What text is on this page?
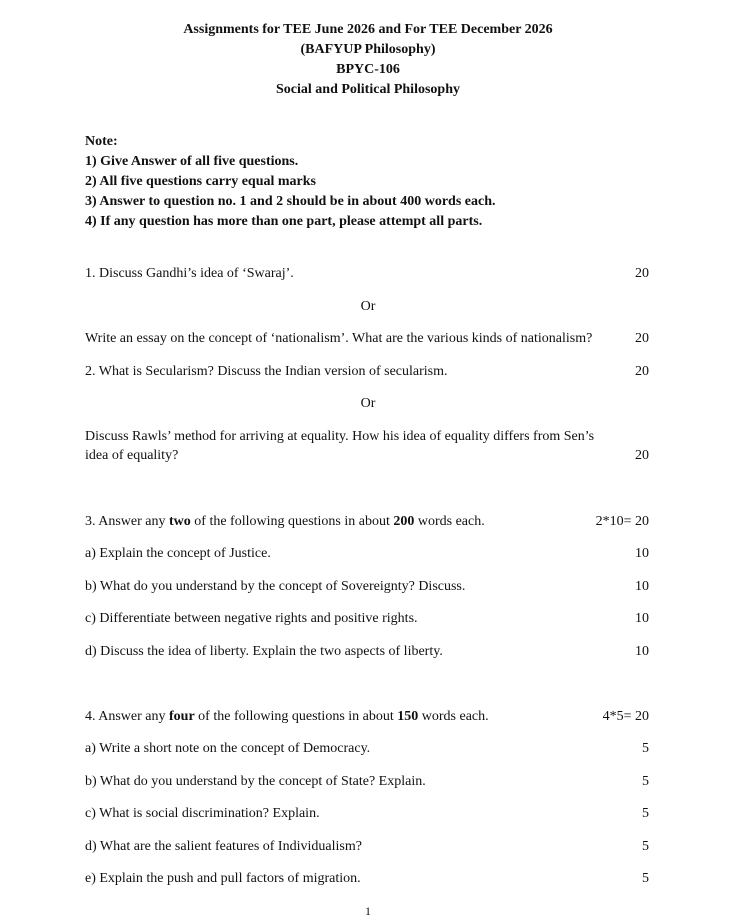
Assignments for TEE June 2026 and For TEE December 2026
(BAFYUP Philosophy)
BPYC-106
Social and Political Philosophy
Note:
1) Give Answer of all five questions.
2) All five questions carry equal marks
3) Answer to question no. 1 and 2 should be in about 400 words each.
4) If any question has more than one part, please attempt all parts.
1. Discuss Gandhi’s idea of ‘Swaraj’.	20
Or
Write an essay on the concept of ‘nationalism’. What are the various kinds of nationalism?	20
2. What is Secularism? Discuss the Indian version of secularism.	20
Or
Discuss Rawls’ method for arriving at equality. How his idea of equality differs from Sen’s
idea of equality?	20
3. Answer any two of the following questions in about 200 words each.	2*10= 20
a) Explain the concept of Justice.	10
b) What do you understand by the concept of Sovereignty? Discuss.	10
c) Differentiate between negative rights and positive rights.	10
d) Discuss the idea of liberty. Explain the two aspects of liberty.	10
4. Answer any four of the following questions in about 150 words each.	4*5= 20
a) Write a short note on the concept of Democracy.	5
b) What do you understand by the concept of State? Explain.	5
c) What is social discrimination? Explain.	5
d) What are the salient features of Individualism?	5
e) Explain the push and pull factors of migration.	5
1
